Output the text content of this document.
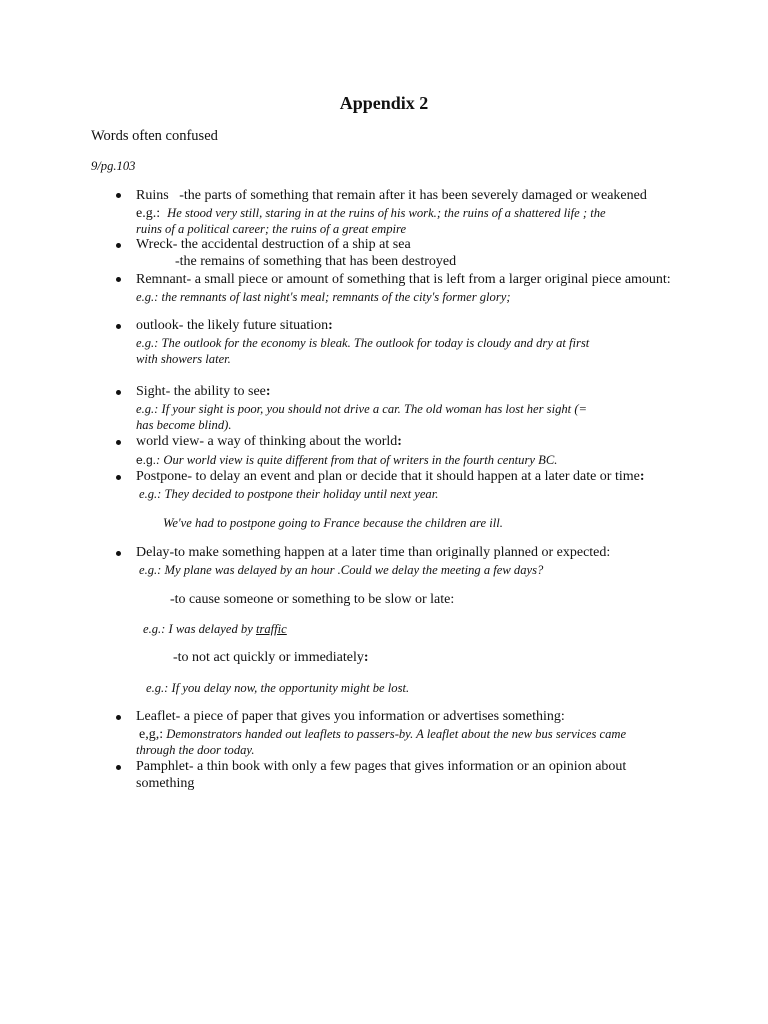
Appendix 2
Words often confused
9/pg.103
Ruins -the parts of something that remain after it has been severely damaged or weakened
e.g.: He stood very still, staring in at the ruins of his work.; the ruins of a shattered life ; the
ruins of a political career; the ruins of a great empire
Wreck- the accidental destruction of a ship at sea
-the remains of something that has been destroyed
Remnant- a small piece or amount of something that is left from a larger original piece amount:
e.g.: the remnants of last night's meal; remnants of the city's former glory;
outlook- the likely future situation:
e.g.: The outlook for the economy is bleak. The outlook for today is cloudy and dry at first
with showers later.
Sight- the ability to see:
e.g.: If your sight is poor, you should not drive a car. The old woman has lost her sight (=
has become blind).
world view- a way of thinking about the world:
e.g.: Our world view is quite different from that of writers in the fourth century BC.
Postpone- to delay an event and plan or decide that it should happen at a later date or time:
e.g.: They decided to postpone their holiday until next year.
We've had to postpone going to France because the children are ill.
Delay-to make something happen at a later time than originally planned or expected:
e.g.: My plane was delayed by an hour .Could we delay the meeting a few days?
-to cause someone or something to be slow or late:
e.g.: I was delayed by traffic
-to not act quickly or immediately:
e.g.: If you delay now, the opportunity might be lost.
Leaflet- a piece of paper that gives you information or advertises something:
e,g,: Demonstrators handed out leaflets to passers-by. A leaflet about the new bus services came
through the door today.
Pamphlet- a thin book with only a few pages that gives information or an opinion about
something
